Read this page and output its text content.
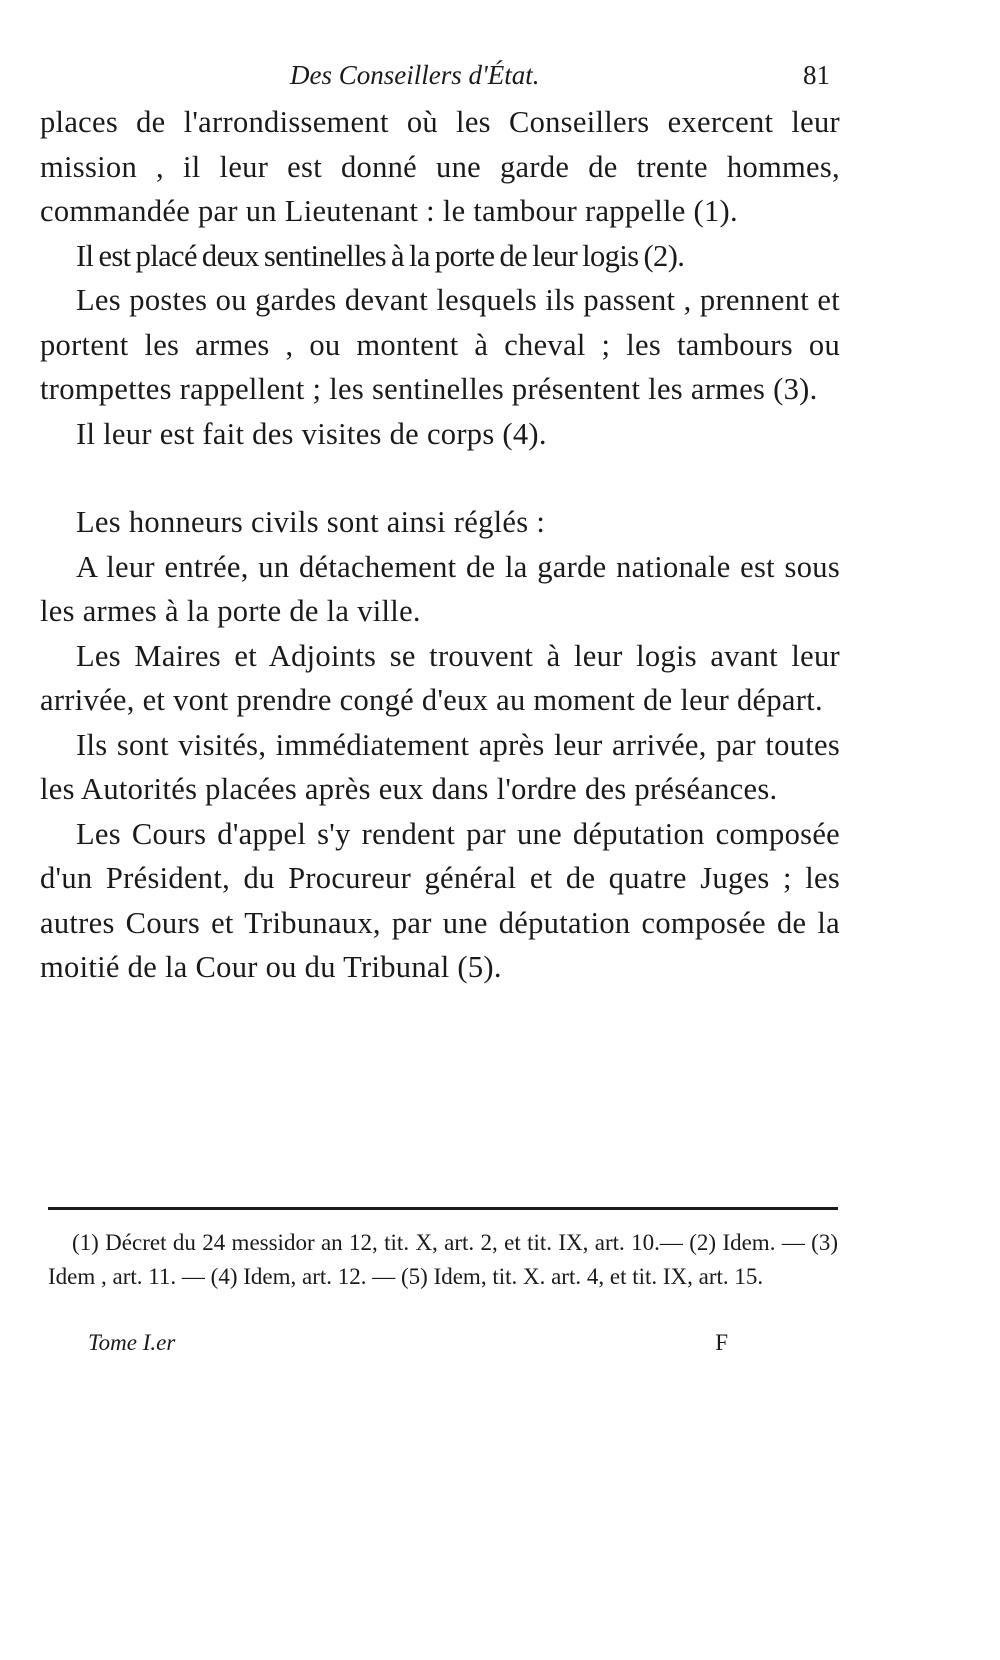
Des Conseillers d'État.	81

places de l'arrondissement où les Conseillers exercent leur mission , il leur est donné une garde de trente hommes, commandée par un Lieutenant : le tambour rappelle (1).

Il est placé deux sentinelles à la porte de leur logis (2).

Les postes ou gardes devant lesquels ils passent , prennent et portent les armes , ou montent à cheval ; les tambours ou trompettes rappellent ; les sentinelles présentent les armes (3).

Il leur est fait des visites de corps (4).

Les honneurs civils sont ainsi réglés :

A leur entrée, un détachement de la garde nationale est sous les armes à la porte de la ville.

Les Maires et Adjoints se trouvent à leur logis avant leur arrivée, et vont prendre congé d'eux au moment de leur départ.

Ils sont visités, immédiatement après leur arrivée, par toutes les Autorités placées après eux dans l'ordre des préséances.

Les Cours d'appel s'y rendent par une députation composée d'un Président, du Procureur général et de quatre Juges ; les autres Cours et Tribunaux, par une députation composée de la moitié de la Cour ou du Tribunal (5).

(1) Décret du 24 messidor an 12, tit. X, art. 2, et tit. IX, art. 10.— (2) Idem. — (3) Idem , art. 11. — (4) Idem, art. 12. — (5) Idem, tit. X. art. 4, et tit. IX, art. 15.

Tome I.er	F
